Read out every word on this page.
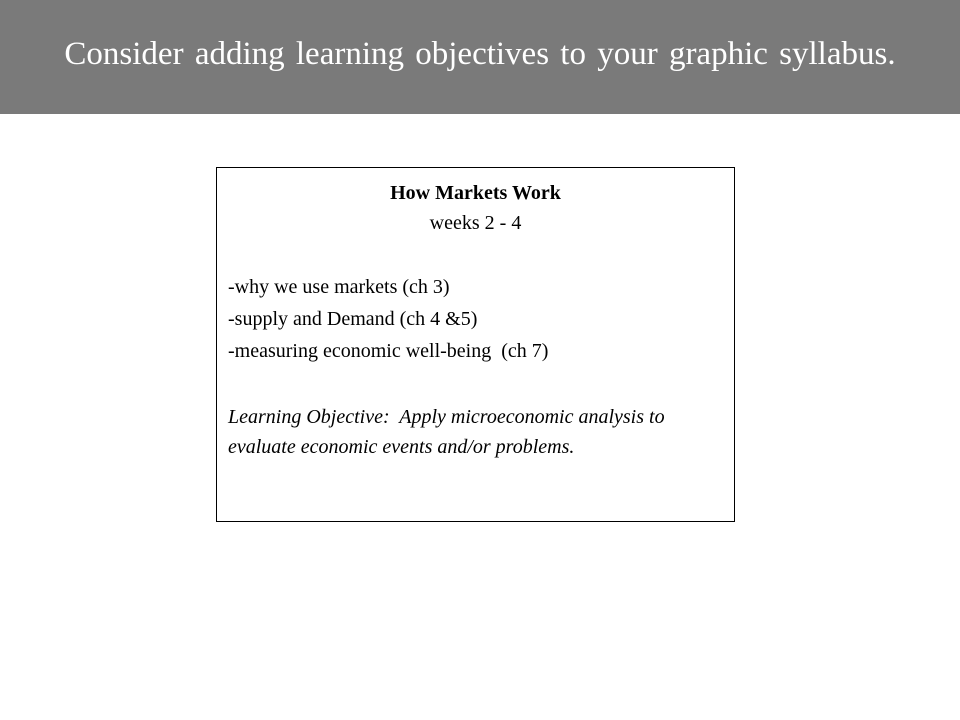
Consider adding learning objectives to your graphic syllabus.
How Markets Work
weeks 2 - 4
-why we use markets (ch 3)
-supply and Demand (ch 4 &5)
-measuring economic well-being  (ch 7)
Learning Objective:  Apply microeconomic analysis to evaluate economic events and/or problems.
